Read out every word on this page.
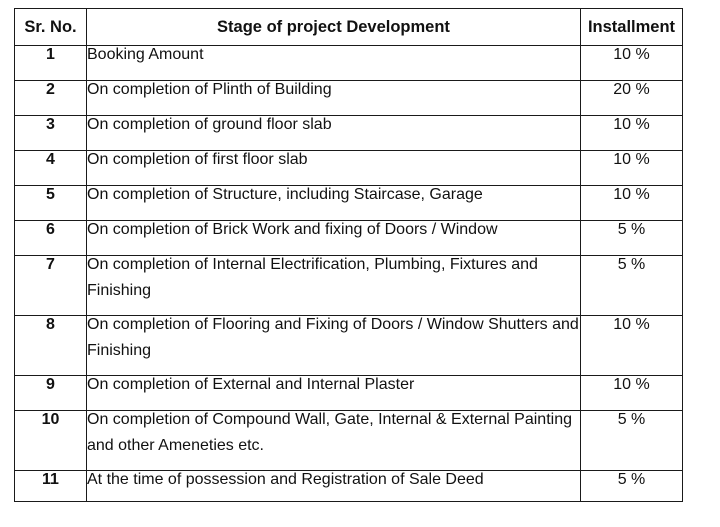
Sr. No.	Stage of project Development	Installment
1	Booking Amount	10 %
2	On completion of Plinth of Building	20 %
3	On completion of ground floor slab	10 %
4	On completion of first floor slab	10 %
5	On completion of Structure, including Staircase, Garage	10 %
6	On completion of Brick Work and fixing of Doors / Window	5 %
7	On completion of Internal Electrification, Plumbing, Fixtures and Finishing	5 %
8	On completion of Flooring and Fixing of Doors / Window Shutters and Finishing	10 %
9	On completion of External and Internal Plaster	10 %
10	On completion of Compound Wall, Gate, Internal & External Painting and other Ameneties etc.	5 %
11	At the time of possession and Registration of Sale Deed	5 %
